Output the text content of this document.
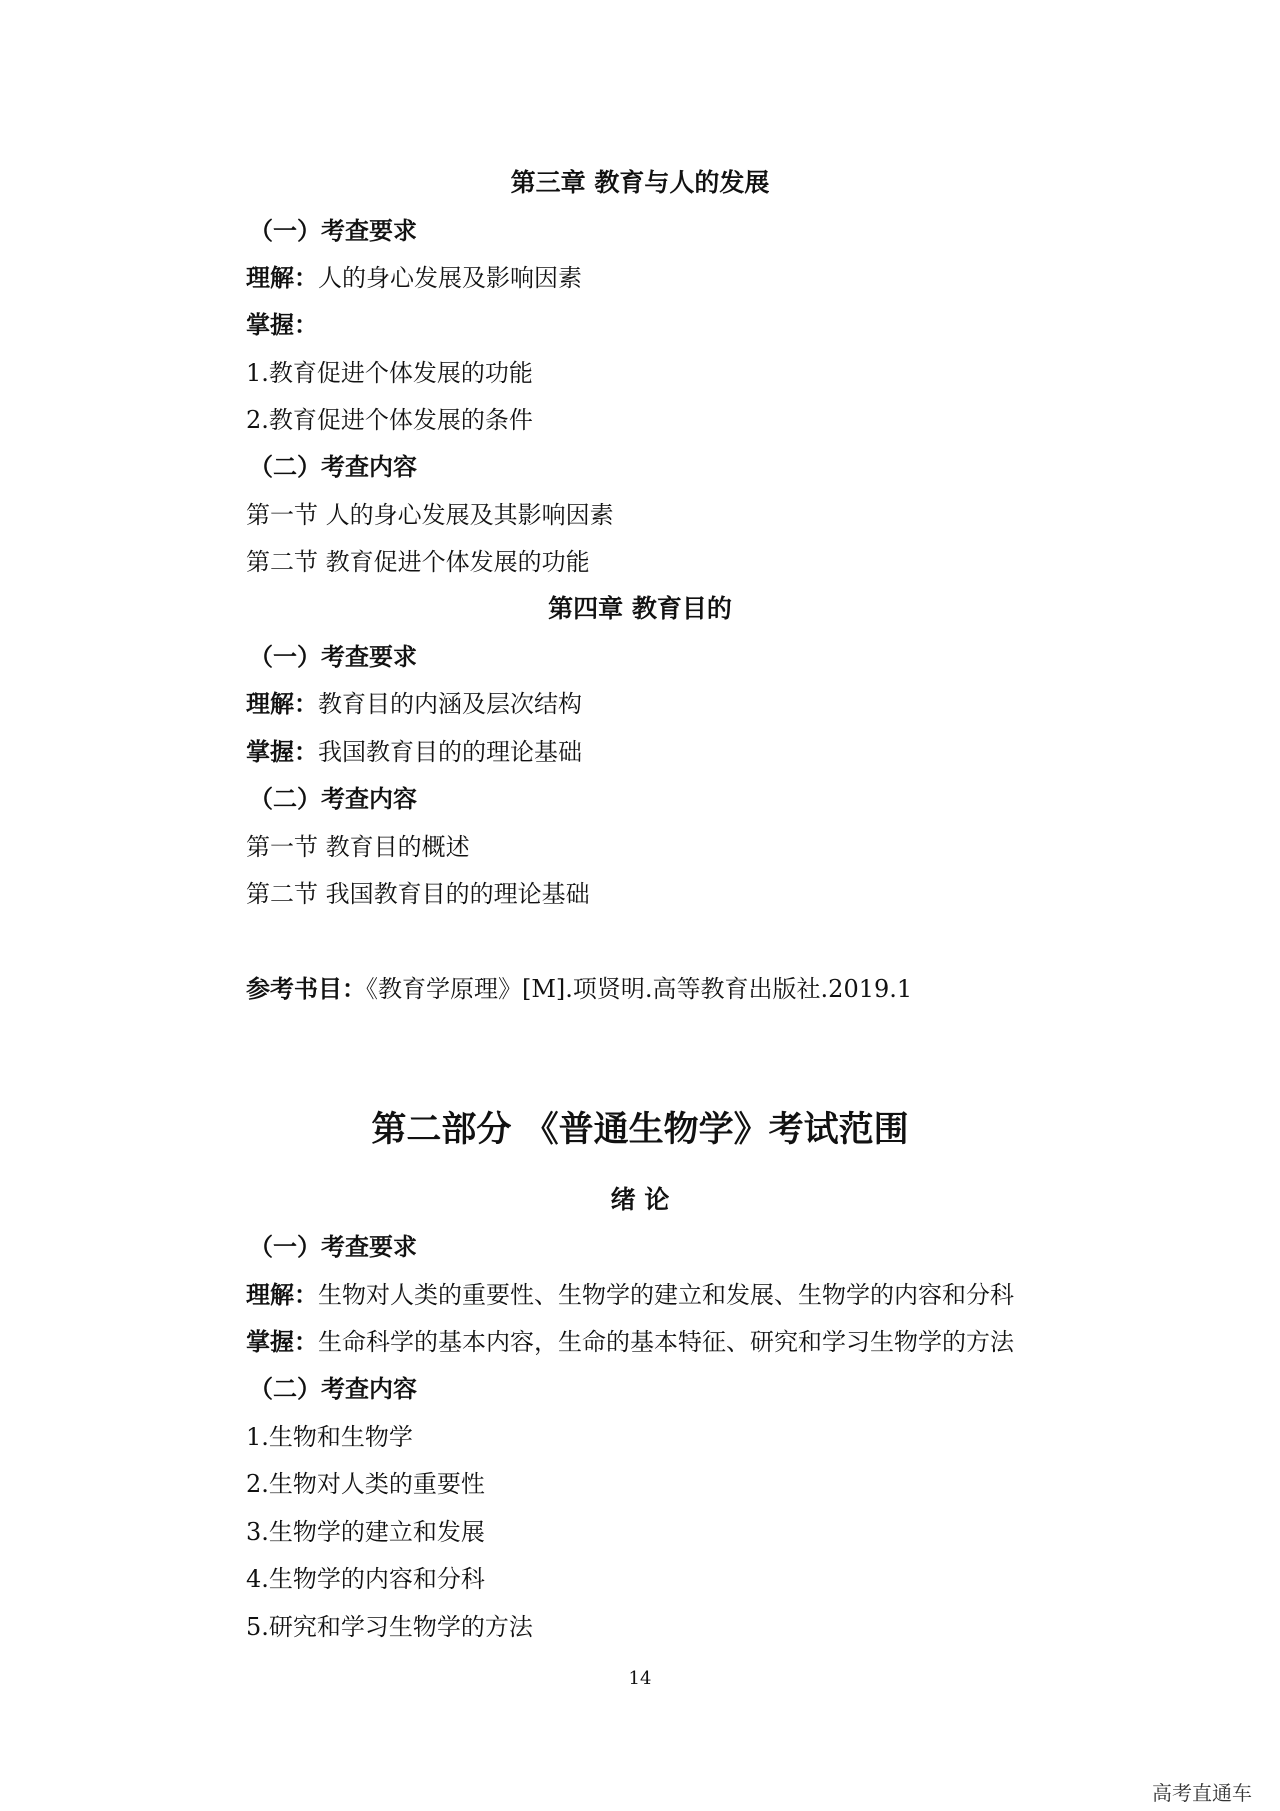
第三章 教育与人的发展
（一）考查要求
理解：人的身心发展及影响因素
掌握：
1.教育促进个体发展的功能
2.教育促进个体发展的条件
（二）考查内容
第一节 人的身心发展及其影响因素
第二节 教育促进个体发展的功能
第四章 教育目的
（一）考查要求
理解：教育目的内涵及层次结构
掌握：我国教育目的的理论基础
（二）考查内容
第一节 教育目的概述
第二节 我国教育目的的理论基础
参考书目：《教育学原理》[M].项贤明.高等教育出版社.2019.1
第二部分 《普通生物学》考试范围
绪 论
（一）考查要求
理解：生物对人类的重要性、生物学的建立和发展、生物学的内容和分科
掌握：生命科学的基本内容，生命的基本特征、研究和学习生物学的方法
（二）考查内容
1.生物和生物学
2.生物对人类的重要性
3.生物学的建立和发展
4.生物学的内容和分科
5.研究和学习生物学的方法
14
高考直通车
